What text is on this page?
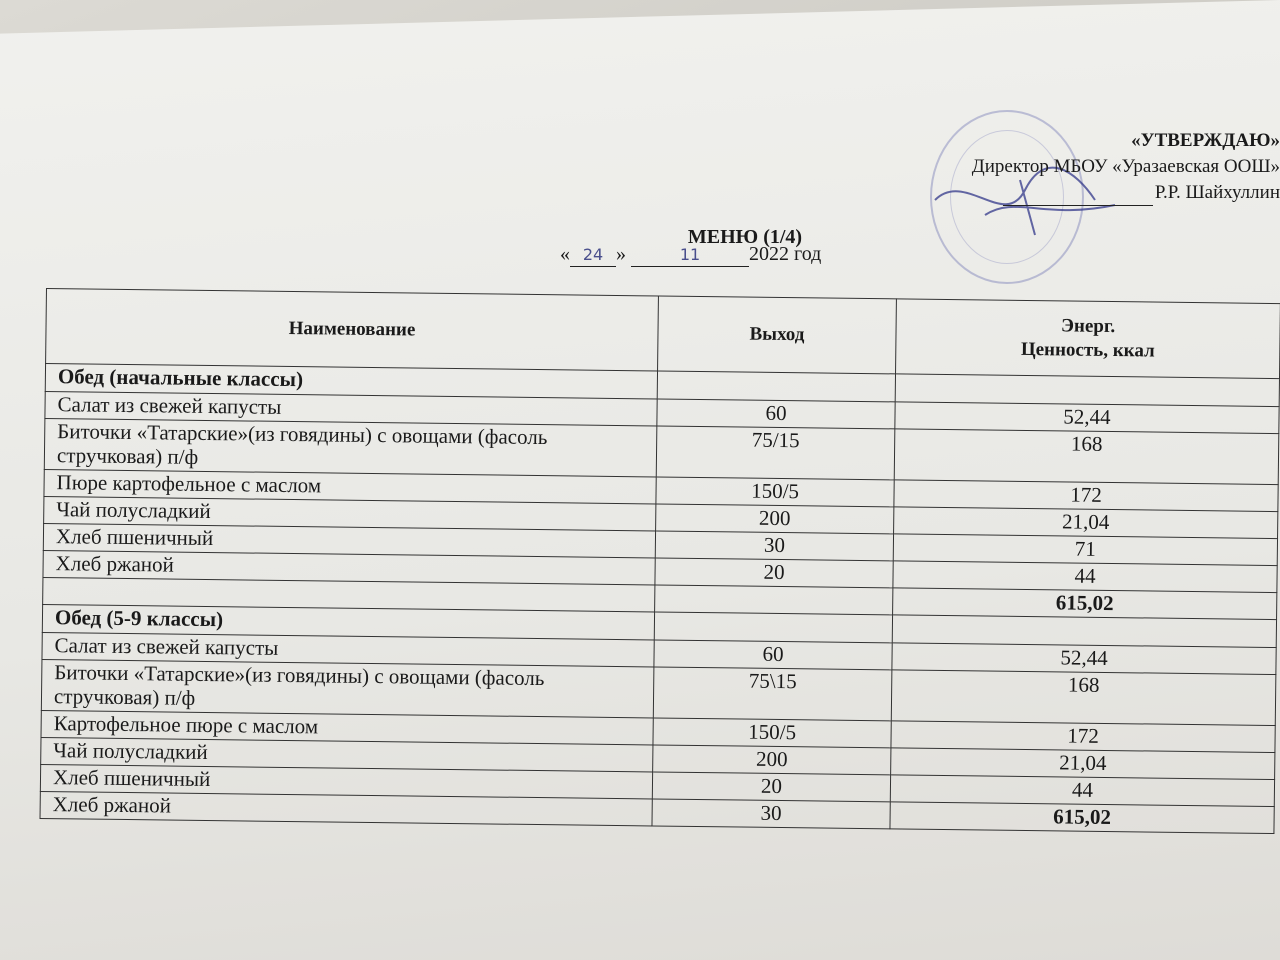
«УТВЕРЖДАЮ»
Директор МБОУ «Уразаевская ООШ»
Р.Р. Шайхуллин
МЕНЮ (1/4)
« 24 »	11 2022 год
Наименование	Выход	Энерг.
Ценность, ккал

Обед (начальные классы)		
Салат из свежей капусты	60	52,44
Биточки «Татарские»(из говядины) с овощами (фасоль стручковая) п/ф	75/15	168
Пюре картофельное с маслом	150/5	172
Чай полусладкий	200	21,04
Хлеб пшеничный	30	71
Хлеб ржаной	20	44
		615,02
Обед (5-9 классы)		
Салат из свежей капусты	60	52,44
Биточки «Татарские»(из говядины) с овощами (фасоль стручковая) п/ф	75\15	168
Картофельное пюре с маслом	150/5	172
Чай полусладкий	200	21,04
Хлеб пшеничный	20	44
Хлеб ржаной	30	615,02
